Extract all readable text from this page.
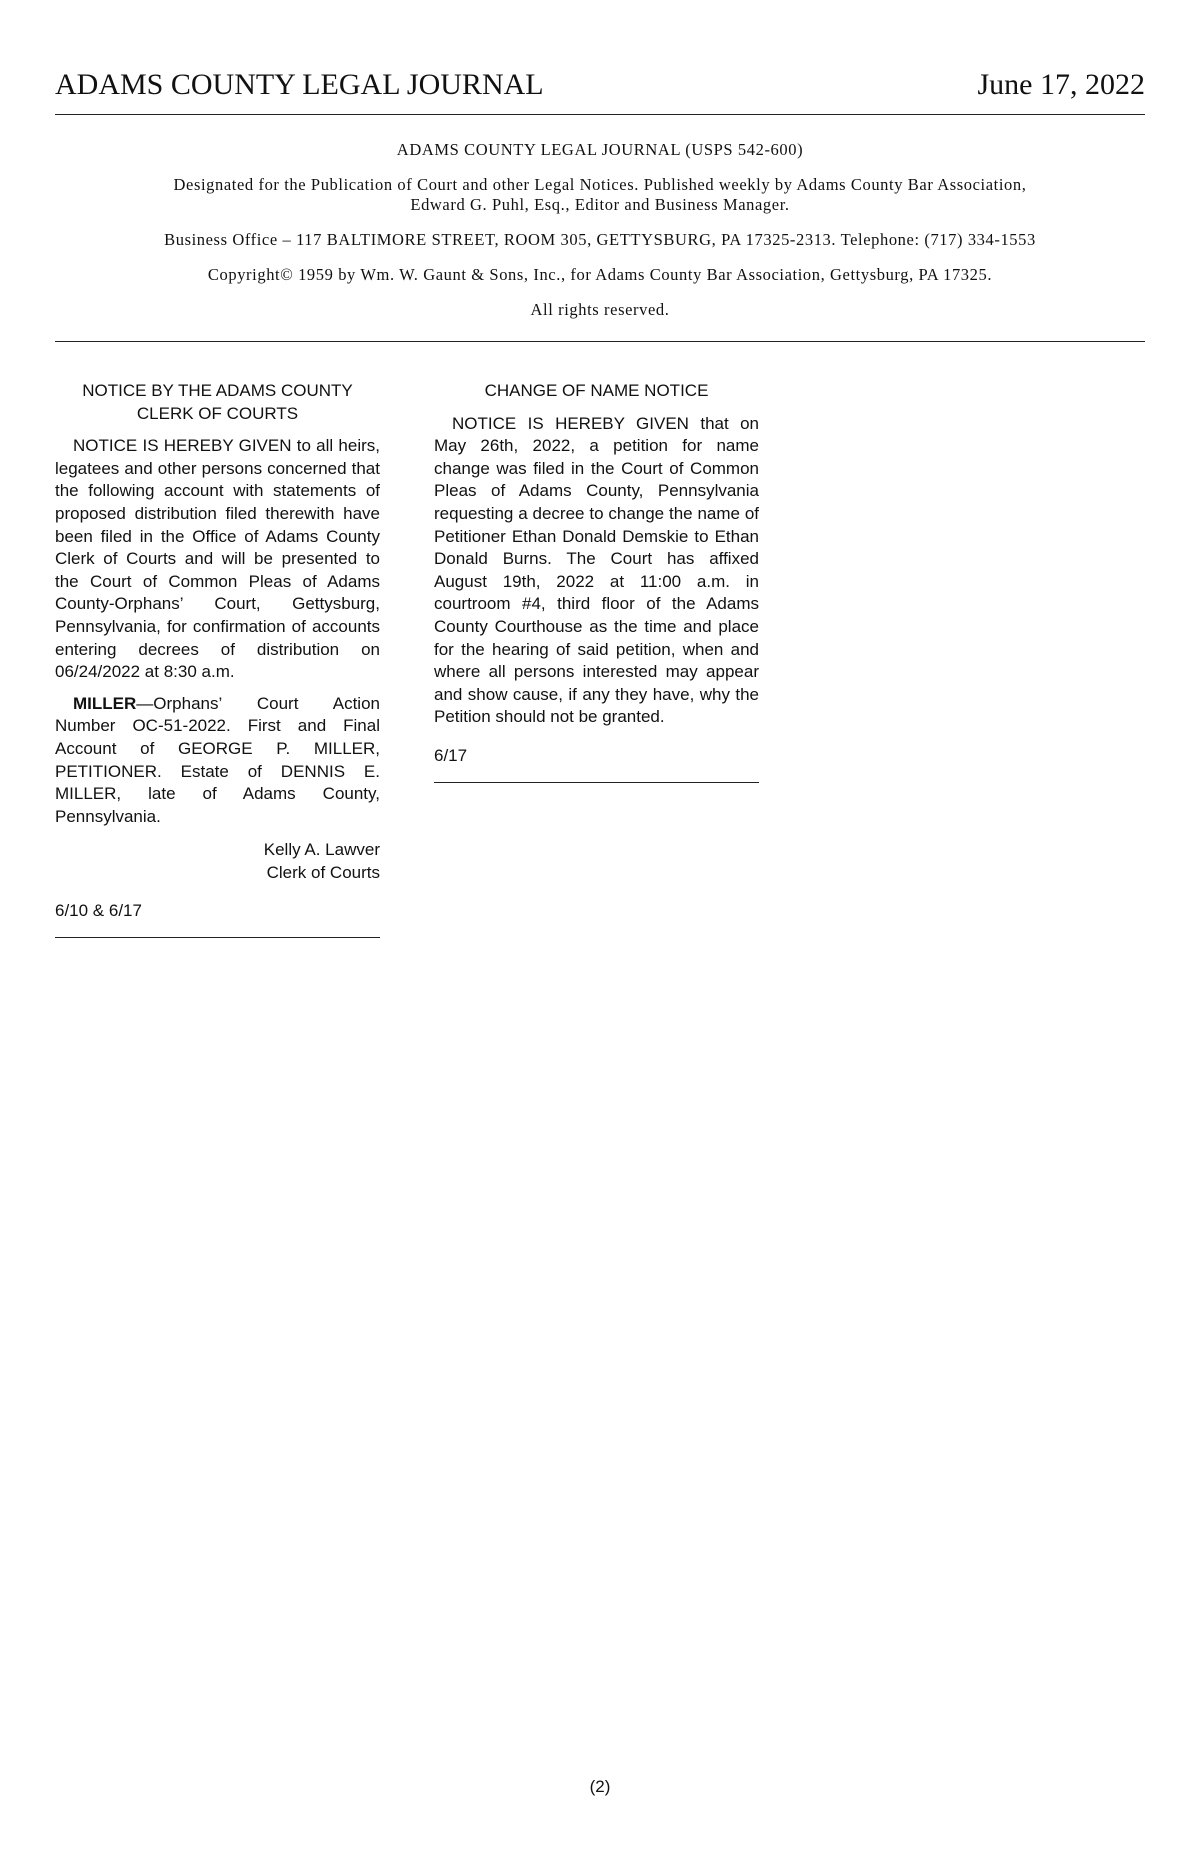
ADAMS COUNTY LEGAL JOURNAL	June 17, 2022

ADAMS COUNTY LEGAL JOURNAL (USPS 542-600)

Designated for the Publication of Court and other Legal Notices. Published weekly by Adams County Bar Association,

Edward G. Puhl, Esq., Editor and Business Manager.

Business Office – 117 BALTIMORE STREET, ROOM 305, GETTYSBURG, PA 17325-2313. Telephone: (717) 334-1553

Copyright© 1959 by Wm. W. Gaunt & Sons, Inc., for Adams County Bar Association, Gettysburg, PA 17325.

All rights reserved.

NOTICE BY THE ADAMS COUNTY
CLERK OF COURTS

NOTICE IS HEREBY GIVEN to all heirs, legatees and other persons concerned that the following account with statements of proposed distribution filed therewith have been filed in the Office of Adams County Clerk of Courts and will be presented to the Court of Common Pleas of Adams County-Orphans’ Court, Gettysburg, Pennsylvania, for confirmation of accounts entering decrees of distribution on 06/24/2022 at 8:30 a.m.

MILLER—Orphans’ Court Action Number OC-51-2022. First and Final Account of GEORGE P. MILLER, PETITIONER. Estate of DENNIS E. MILLER, late of Adams County, Pennsylvania.

Kelly A. Lawver
Clerk of Courts

6/10 & 6/17

CHANGE OF NAME NOTICE

NOTICE IS HEREBY GIVEN that on May 26th, 2022, a petition for name change was filed in the Court of Common Pleas of Adams County, Pennsylvania requesting a decree to change the name of Petitioner Ethan Donald Demskie to Ethan Donald Burns. The Court has affixed August 19th, 2022 at 11:00 a.m. in courtroom #4, third floor of the Adams County Courthouse as the time and place for the hearing of said petition, when and where all persons interested may appear and show cause, if any they have, why the Petition should not be granted.

6/17

(2)
